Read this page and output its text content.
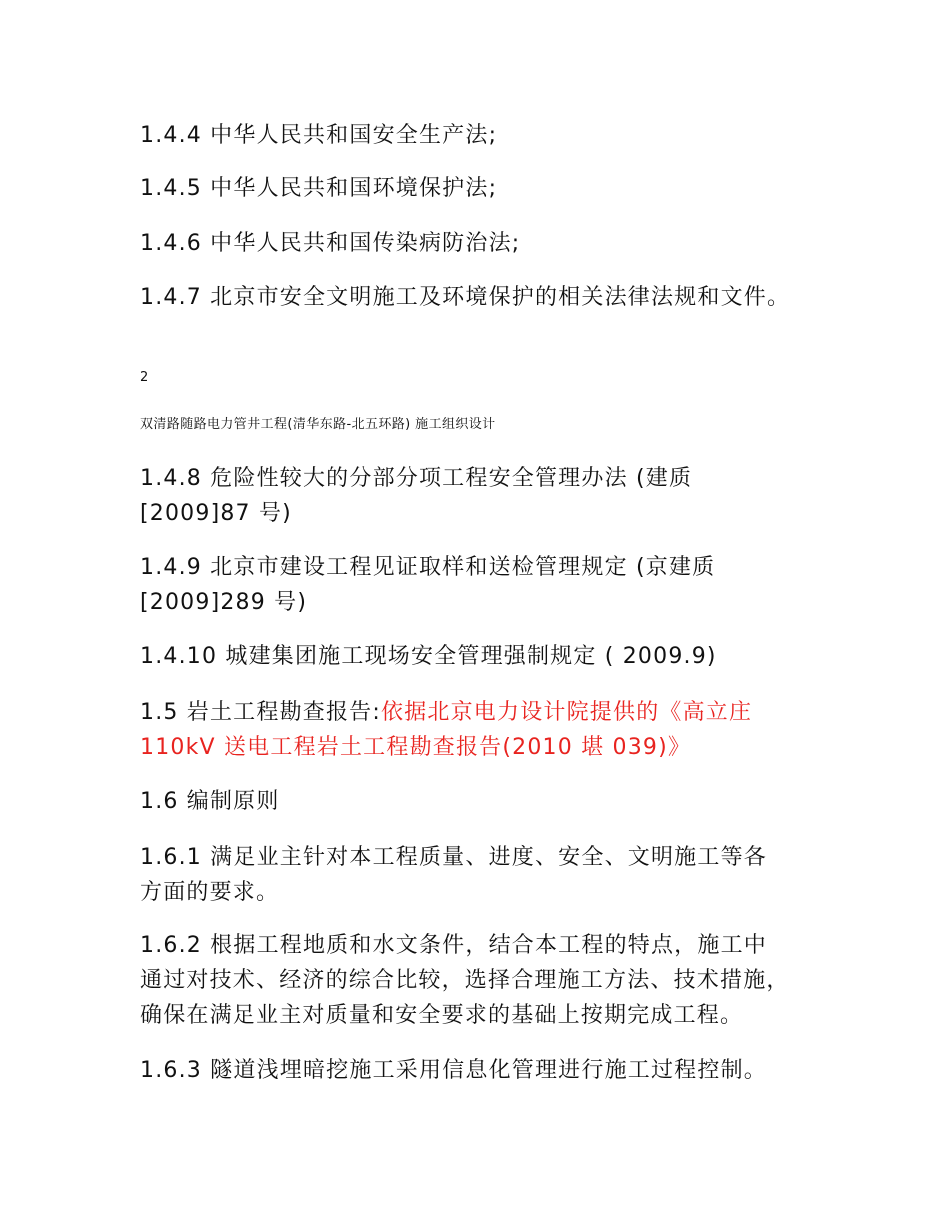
1.4.4 中华人民共和国安全生产法;

1.4.5 中华人民共和国环境保护法;

1.4.6 中华人民共和国传染病防治法;

1.4.7 北京市安全文明施工及环境保护的相关法律法规和文件。

2
双清路随路电力管井工程(清华东路-北五环路) 施工组织设计

1.4.8 危险性较大的分部分项工程安全管理办法 (建质
[2009]87 号)

1.4.9 北京市建设工程见证取样和送检管理规定 (京建质
[2009]289 号)

1.4.10 城建集团施工现场安全管理强制规定 ( 2009.9)

1.5 岩土工程勘查报告:依据北京电力设计院提供的《高立庄
110kV 送电工程岩土工程勘查报告(2010 堪 039)》

1.6 编制原则

1.6.1 满足业主针对本工程质量、进度、安全、文明施工等各
方面的要求。

1.6.2 根据工程地质和水文条件，结合本工程的特点，施工中
通过对技术、经济的综合比较，选择合理施工方法、技术措施，
确保在满足业主对质量和安全要求的基础上按期完成工程。

1.6.3 隧道浅埋暗挖施工采用信息化管理进行施工过程控制。
